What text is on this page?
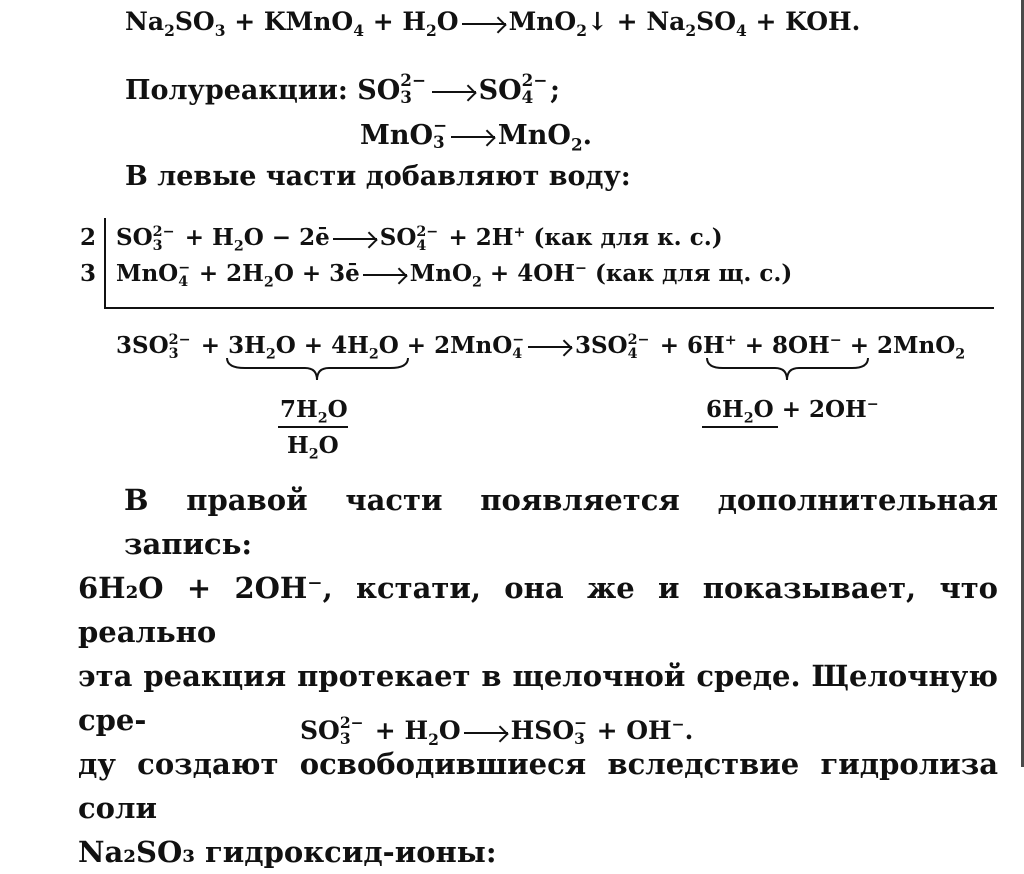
$Na_2SO_3$ + KMnO$_4$ + $H_2O$ MnO$_2$↓ + $Na_2SO_4$ + KOH.
Полуреакции: SO 2−
3 SO 2−
4 ;
MnO −
3 MnO$_2$.
В левые части добавляют воду:
2
3
SO 2−
$3 + H_2O$ − 2ē SO 2−
4 + 2H+ (как для к. с.)
MnO −
$4 + 2H_2O$ + 3ē MnO$_2$ + 4OH− (как для щ. с.)
3SO 2−
$3 + 3H_2O + 4H_2O + 2MnO$ −
4 3SO 2−
4 + 6H+ + 8OH− + 2MnO$_2$
$7H_2O$
$H_2O$
$6H_2O + 2OH^-$
В правой части появляется дополнительная запись:
6H₂O + 2OH⁻, кстати, она же и показывает, что реально
эта реакция протекает в щелочной среде. Щелочную сре-
ду создают освободившиеся вследствие гидролиза соли
Na₂SO₃ гидроксид-ионы:
SO 2−
$3 + H_2O$ HSO −
3 + OH−.
